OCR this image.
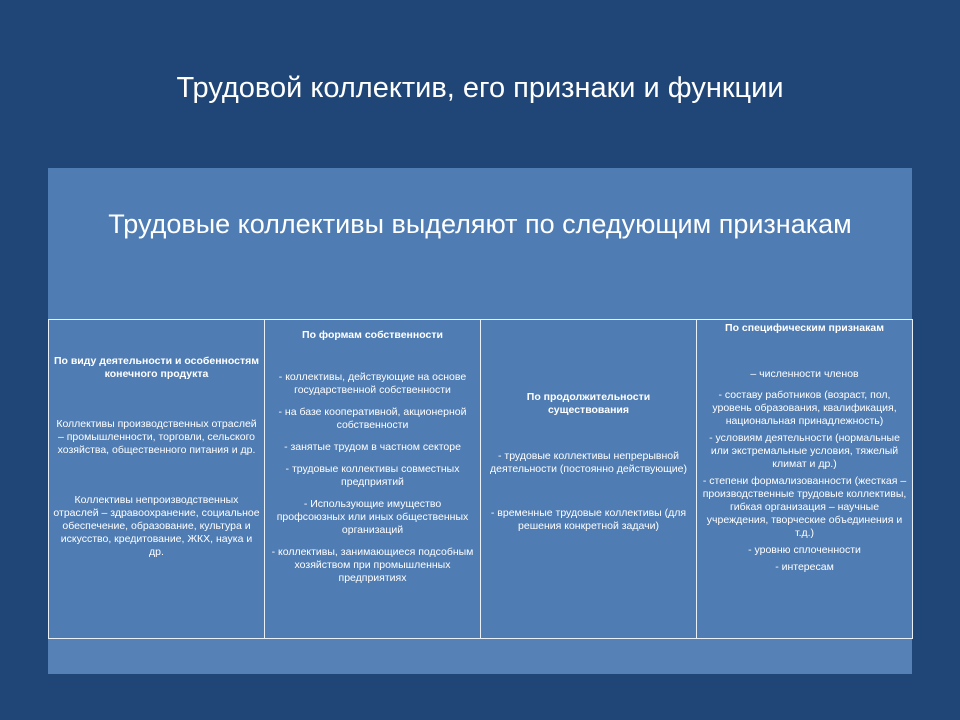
Трудовой коллектив, его признаки и функции
Трудовые коллективы выделяют по следующим признакам
По виду деятельности и особенностям конечного продукта
Коллективы производственных отраслей – промышленности, торговли, сельского хозяйства, общественного питания и др.
Коллективы непроизводственных отраслей – здравоохранение, социальное обеспечение, образование, культура и искусство, кредитование, ЖКХ, наука и др.

По формам собственности
- коллективы, действующие на основе государственной собственности
- на базе кооперативной, акционерной собственности
- занятые трудом в частном секторе
- трудовые коллективы совместных предприятий
- Использующие имущество профсоюзных или иных общественных организаций
- коллективы, занимающиеся подсобным хозяйством при промышленных предприятиях

По продолжительности существования
- трудовые коллективы непрерывной деятельности (постоянно действующие)
- временные трудовые коллективы (для решения конкретной задачи)

По специфическим признакам
– численности членов
- составу работников (возраст, пол, уровень образования, квалификация, национальная принадлежность)
- условиям деятельности (нормальные или экстремальные условия, тяжелый климат и др.)
- степени формализованности (жесткая – производственные трудовые коллективы, гибкая организация – научные учреждения, творческие объединения и т.д.)
- уровню сплоченности
- интересам
